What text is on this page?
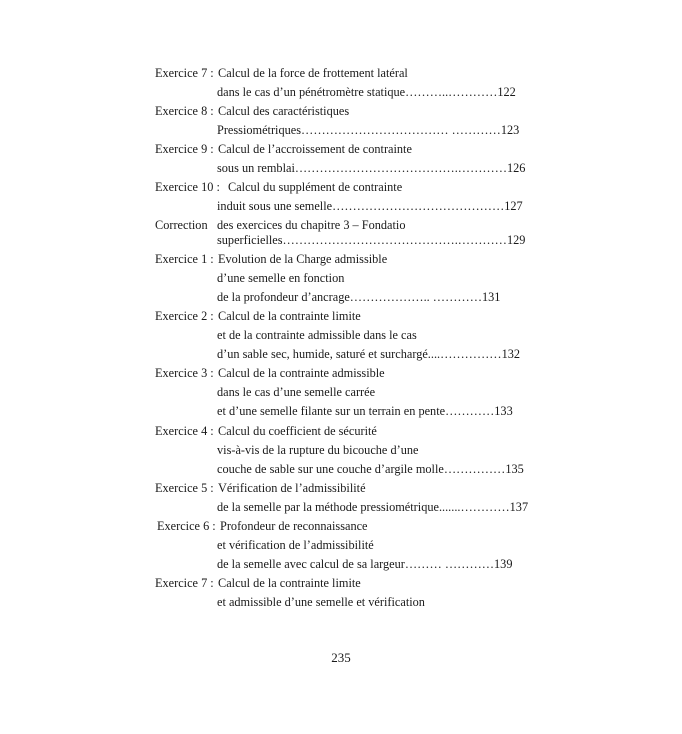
Exercice 7 : Calcul de la force de frottement latéral
dans le cas d’un pénétromètre statique………..…………122
Exercice 8 : Calcul des caractéristiques
Pressiométriques……………………………… …………123
Exercice 9 : Calcul de l’accroissement de contrainte
sous un remblai………………………………….…………126
Exercice 10 : Calcul du supplément de contrainte
induit sous une semelle……………………………………127
Correction des exercices du chapitre 3 – Fondatio
superficielles…………………………………….…………129
Exercice 1 : Evolution de la Charge admissible
d’une semelle en fonction
de la profondeur d’ancrage……………….. …………131
Exercice 2 : Calcul de la contrainte limite
et de la contrainte admissible dans le cas
d’un sable sec, humide, saturé et surchargé....……………132
Exercice 3 : Calcul de la contrainte admissible
dans le cas d’une semelle carrée
et d’une semelle filante sur un terrain en pente…………133
Exercice 4 : Calcul du coefficient de sécurité
vis-à-vis de la rupture du bicouche d’une
couche de sable sur une couche d’argile molle……………135
Exercice 5 : Vérification de l’admissibilité
de la semelle par la méthode pressiométrique.......…………137
Exercice 6 : Profondeur de reconnaissance
et vérification de l’admissibilité
de la semelle avec calcul de sa largeur……… …………139
Exercice 7 : Calcul de la contrainte limite
et admissible d’une semelle et vérification
235
